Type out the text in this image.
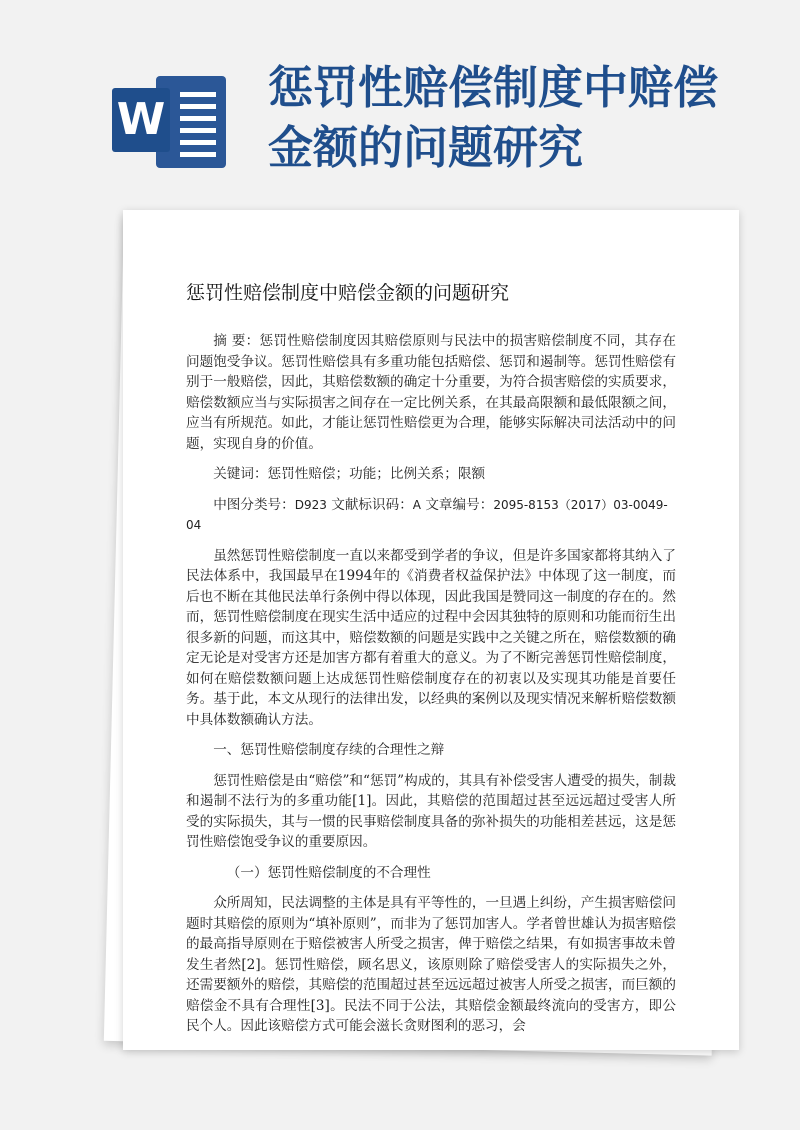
W
惩罚性赔偿制度中赔偿
金额的问题研究
惩罚性赔偿制度中赔偿金额的问题研究

摘 要：惩罚性赔偿制度因其赔偿原则与民法中的损害赔偿制度不同，其存在问题饱受争议。惩罚性赔偿具有多重功能包括赔偿、惩罚和遏制等。惩罚性赔偿有别于一般赔偿，因此，其赔偿数额的确定十分重要，为符合损害赔偿的实质要求，赔偿数额应当与实际损害之间存在一定比例关系，在其最高限额和最低限额之间，应当有所规范。如此，才能让惩罚性赔偿更为合理，能够实际解决司法活动中的问题，实现自身的价值。

关键词：惩罚性赔偿；功能；比例关系；限额

中图分类号：D923 文献标识码：A 文章编号：2095-8153（2017）03-0049-04

虽然惩罚性赔偿制度一直以来都受到学者的争议，但是许多国家都将其纳入了民法体系中，我国最早在1994年的《消费者权益保护法》中体现了这一制度，而后也不断在其他民法单行条例中得以体现，因此我国是赞同这一制度的存在的。然而，惩罚性赔偿制度在现实生活中适应的过程中会因其独特的原则和功能而衍生出很多新的问题，而这其中，赔偿数额的问题是实践中之关键之所在，赔偿数额的确定无论是对受害方还是加害方都有着重大的意义。为了不断完善惩罚性赔偿制度，如何在赔偿数额问题上达成惩罚性赔偿制度存在的初衷以及实现其功能是首要任务。基于此，本文从现行的法律出发，以经典的案例以及现实情况来解析赔偿数额中具体数额确认方法。

一、惩罚性赔偿制度存续的合理性之辩

惩罚性赔偿是由“赔偿”和“惩罚”构成的，其具有补偿受害人遭受的损失，制裁和遏制不法行为的多重功能[1]。因此，其赔偿的范围超过甚至远远超过受害人所受的实际损失，其与一惯的民事赔偿制度具备的弥补损失的功能相差甚远，这是惩罚性赔偿饱受争议的重要原因。

（一）惩罚性赔偿制度的不合理性

众所周知，民法调整的主体是具有平等性的，一旦遇上纠纷，产生损害赔偿问题时其赔偿的原则为“填补原则”，而非为了惩罚加害人。学者曾世雄认为损害赔偿的最高指导原则在于赔偿被害人所受之损害，俾于赔偿之结果，有如损害事故未曾发生者然[2]。惩罚性赔偿，顾名思义，该原则除了赔偿受害人的实际损失之外，还需要额外的赔偿，其赔偿的范围超过甚至远远超过被害人所受之损害，而巨额的赔偿金不具有合理性[3]。民法不同于公法，其赔偿金额最终流向的受害方，即公民个人。因此该赔偿方式可能会滋长贪财图利的恶习，会
